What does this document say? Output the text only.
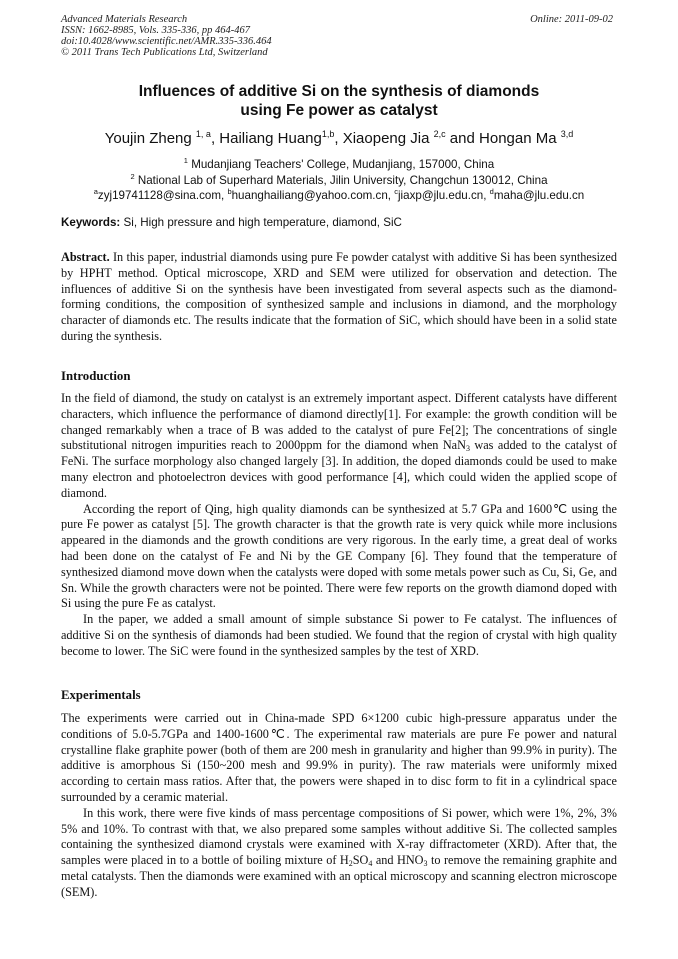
Advanced Materials Research
ISSN: 1662-8985, Vols. 335-336, pp 464-467
doi:10.4028/www.scientific.net/AMR.335-336.464
© 2011 Trans Tech Publications Ltd, Switzerland
Online: 2011-09-02
Influences of additive Si on the synthesis of diamonds
using Fe power as catalyst
Youjin Zheng $^{1, a}$, Hailiang Huang$^{1,b}$, Xiaopeng Jia $^{2,c}$ and Hongan Ma $^{3,d}$
$^1$ Mudanjiang Teachers' College, Mudanjiang, 157000, China
$^2$ National Lab of Superhard Materials, Jilin University, Changchun 130012, China
$^a$zyj19741128@sina.com, $^b$huanghailiang@yahoo.com.cn, $^c$jiaxp@jlu.edu.cn, $^d$maha@jlu.edu.cn
Keywords: Si, High pressure and high temperature, diamond, SiC

Abstract. In this paper, industrial diamonds using pure Fe powder catalyst with additive Si has been synthesized by HPHT method. Optical microscope, XRD and SEM were utilized for observation and detection. The influences of additive Si on the synthesis have been investigated from several aspects such as the diamond-forming conditions, the composition of synthesized sample and inclusions in diamond, and the morphology character of diamonds etc. The results indicate that the formation of SiC, which should have been in a solid state during the synthesis.

Introduction

In the field of diamond, the study on catalyst is an extremely important aspect. Different catalysts have different characters, which influence the performance of diamond directly[1]. For example: the growth condition will be changed remarkably when a trace of B was added to the catalyst of pure Fe[2]; The concentrations of single substitutional nitrogen impurities reach to 2000ppm for the diamond when NaN$_3$ was added to the catalyst of FeNi. The surface morphology also changed largely [3]. In addition, the doped diamonds could be used to make many electron and photoelectron devices with good performance [4], which could widen the applied scope of diamond.

According the report of Qing, high quality diamonds can be synthesized at 5.7 GPa and 1600℃ using the pure Fe power as catalyst [5]. The growth character is that the growth rate is very quick while more inclusions appeared in the diamonds and the growth conditions are very rigorous. In the early time, a great deal of works had been done on the catalyst of Fe and Ni by the GE Company [6]. They found that the temperature of synthesized diamond move down when the catalysts were doped with some metals power such as Cu, Si, Ge, and Sn. While the growth characters were not be pointed. There were few reports on the growth diamond doped with Si using the pure Fe as catalyst.

In the paper, we added a small amount of simple substance Si power to Fe catalyst. The influences of additive Si on the synthesis of diamonds had been studied. We found that the region of crystal with high quality become to lower. The SiC were found in the synthesized samples by the test of XRD.

Experimentals

The experiments were carried out in China-made SPD 6×1200 cubic high-pressure apparatus under the conditions of 5.0-5.7GPa and 1400-1600℃. The experimental raw materials are pure Fe power and natural crystalline flake graphite power (both of them are 200 mesh in granularity and higher than 99.9% in purity). The additive is amorphous Si (150~200 mesh and 99.9% in purity). The raw materials were uniformly mixed according to certain mass ratios. After that, the powers were shaped in to disc form to fit in a cylindrical space surrounded by a ceramic material.

In this work, there were five kinds of mass percentage compositions of Si power, which were 1%, 2%, 3% 5% and 10%. To contrast with that, we also prepared some samples without additive Si. The collected samples containing the synthesized diamond crystals were examined with X-ray diffractometer (XRD). After that, the samples were placed in to a bottle of boiling mixture of $H_2SO_4$ and $HNO_3$ to remove the remaining graphite and metal catalysts. Then the diamonds were examined with an optical microscopy and scanning electron microscope (SEM).
